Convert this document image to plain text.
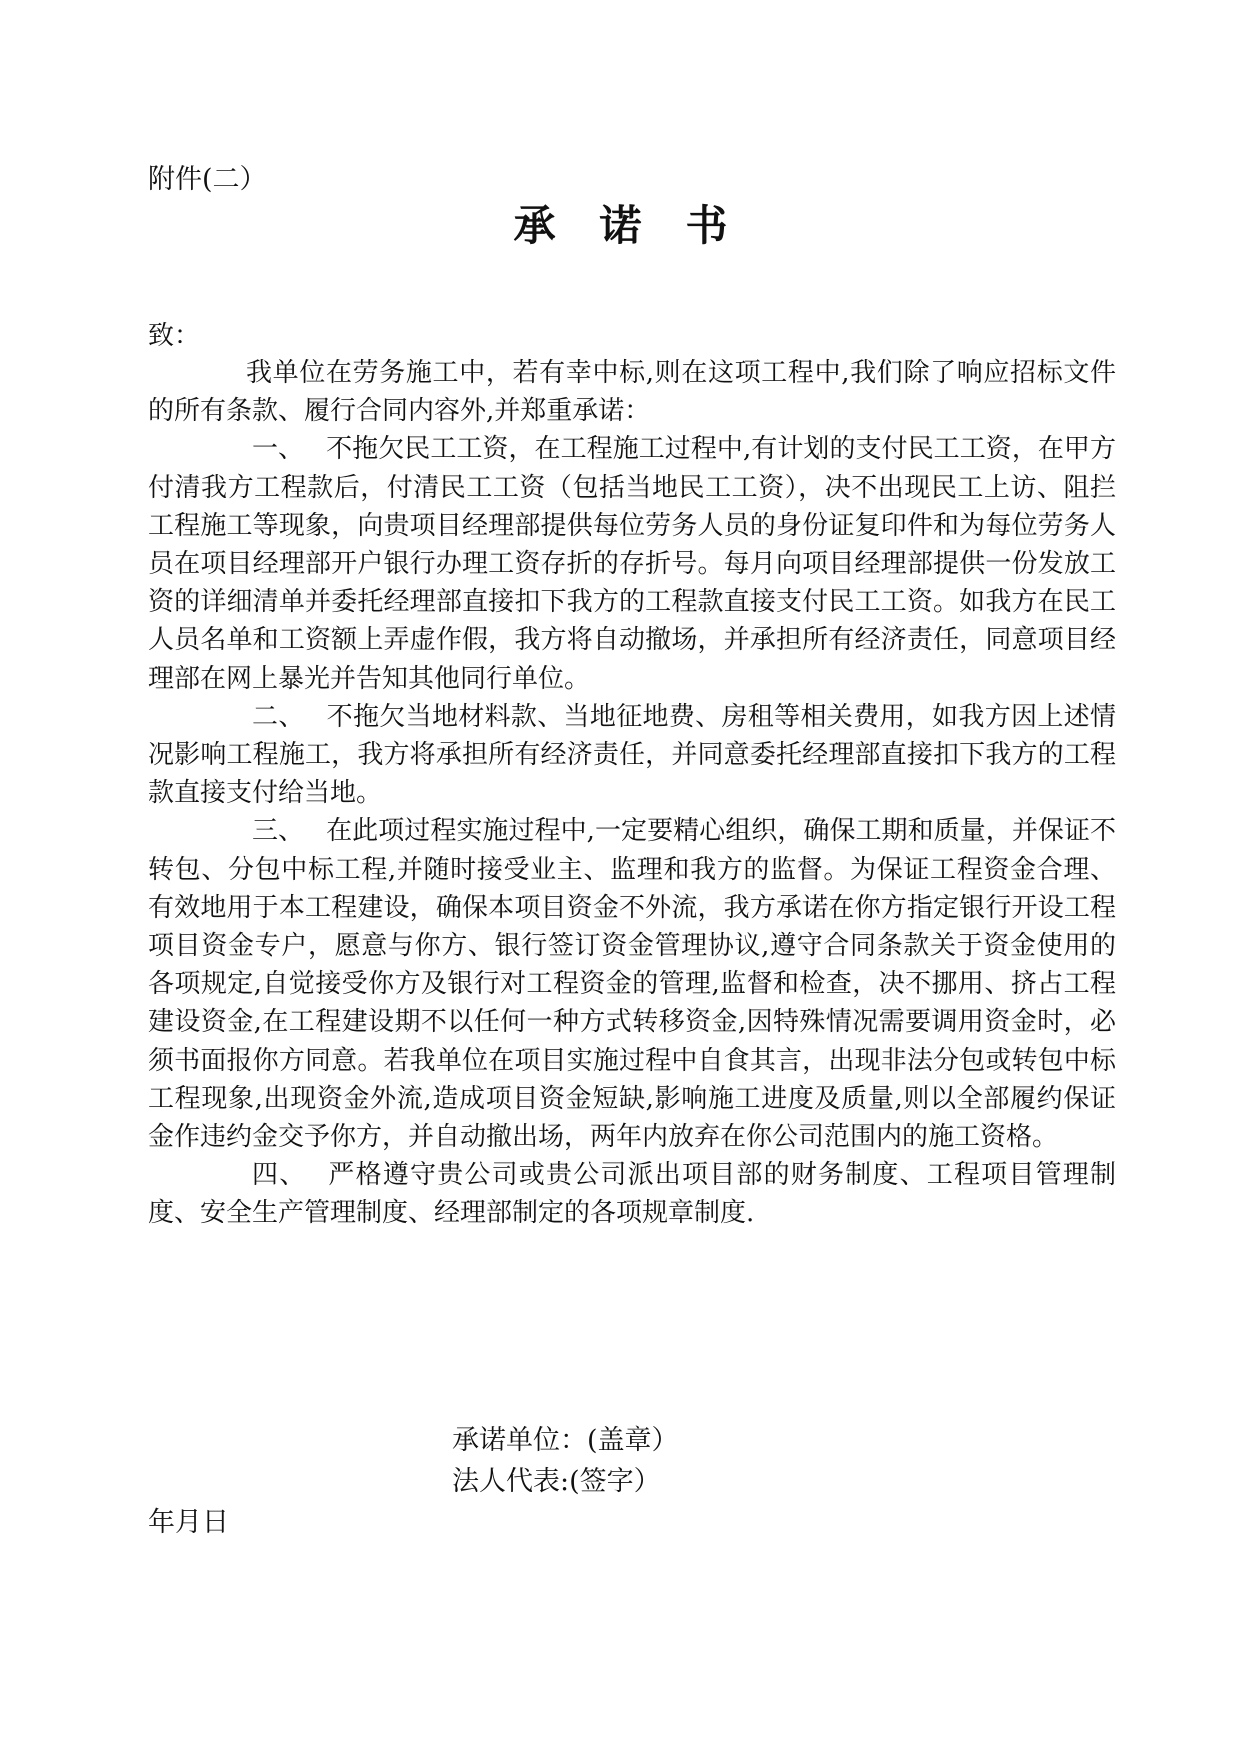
附件(二）
承诺书
致：

我单位在劳务施工中，若有幸中标,则在这项工程中,我们除了响应招标文件的所有条款、履行合同内容外,并郑重承诺：

一、 不拖欠民工工资，在工程施工过程中,有计划的支付民工工资，在甲方付清我方工程款后，付清民工工资（包括当地民工工资），决不出现民工上访、阻拦工程施工等现象，向贵项目经理部提供每位劳务人员的身份证复印件和为每位劳务人员在项目经理部开户银行办理工资存折的存折号。每月向项目经理部提供一份发放工资的详细清单并委托经理部直接扣下我方的工程款直接支付民工工资。如我方在民工人员名单和工资额上弄虚作假，我方将自动撤场，并承担所有经济责任，同意项目经理部在网上暴光并告知其他同行单位。

二、 不拖欠当地材料款、当地征地费、房租等相关费用，如我方因上述情况影响工程施工，我方将承担所有经济责任，并同意委托经理部直接扣下我方的工程款直接支付给当地。

三、 在此项过程实施过程中,一定要精心组织，确保工期和质量，并保证不转包、分包中标工程,并随时接受业主、监理和我方的监督。为保证工程资金合理、有效地用于本工程建设，确保本项目资金不外流，我方承诺在你方指定银行开设工程项目资金专户，愿意与你方、银行签订资金管理协议,遵守合同条款关于资金使用的各项规定,自觉接受你方及银行对工程资金的管理,监督和检查，决不挪用、挤占工程建设资金,在工程建设期不以任何一种方式转移资金,因特殊情况需要调用资金时，必须书面报你方同意。若我单位在项目实施过程中自食其言，出现非法分包或转包中标工程现象,出现资金外流,造成项目资金短缺,影响施工进度及质量,则以全部履约保证金作违约金交予你方，并自动撤出场，两年内放弃在你公司范围内的施工资格。

四、 严格遵守贵公司或贵公司派出项目部的财务制度、工程项目管理制度、安全生产管理制度、经理部制定的各项规章制度.

承诺单位：(盖章）
法人代表:(签字）
年月日
